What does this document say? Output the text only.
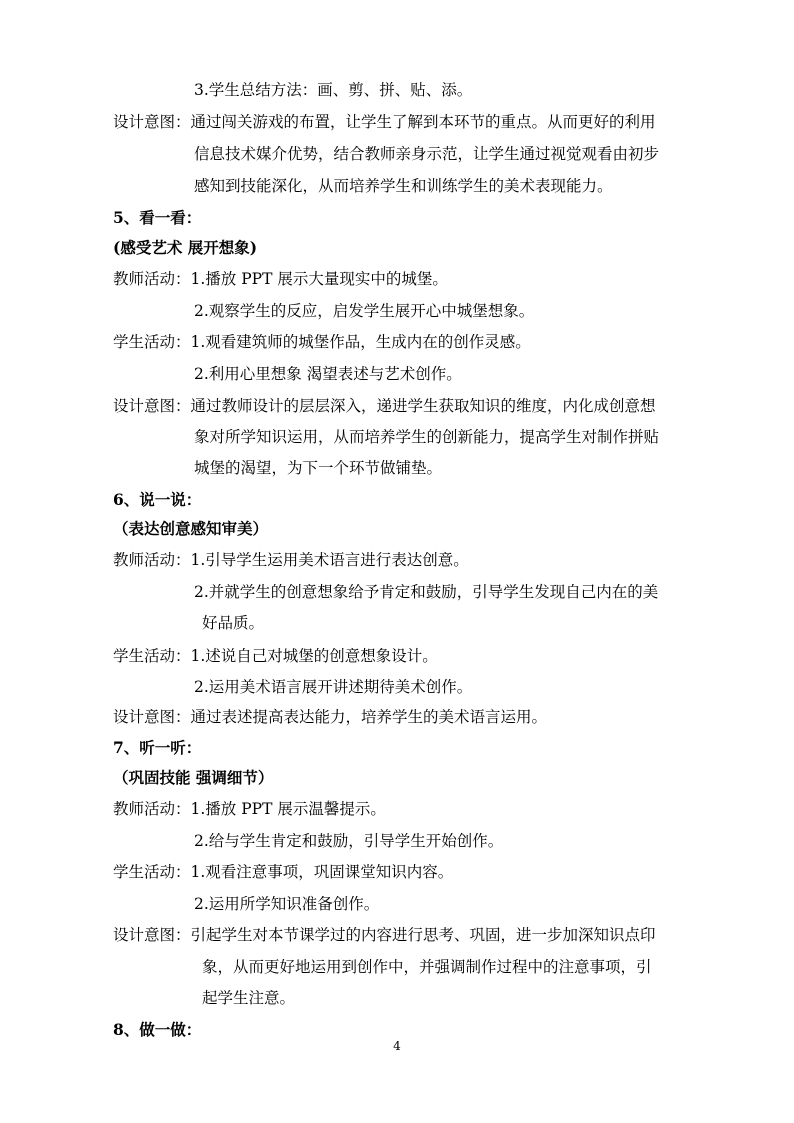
3.学生总结方法：画、剪、拼、贴、添。
设计意图：通过闯关游戏的布置，让学生了解到本环节的重点。从而更好的利用
信息技术媒介优势，结合教师亲身示范，让学生通过视觉观看由初步
感知到技能深化，从而培养学生和训练学生的美术表现能力。
5、看一看：
(感受艺术 展开想象)
教师活动：1.播放 PPT 展示大量现实中的城堡。
2.观察学生的反应，启发学生展开心中城堡想象。
学生活动：1.观看建筑师的城堡作品，生成内在的创作灵感。
2.利用心里想象 渴望表述与艺术创作。
设计意图：通过教师设计的层层深入，递进学生获取知识的维度，内化成创意想
象对所学知识运用，从而培养学生的创新能力，提高学生对制作拼贴
城堡的渴望，为下一个环节做铺垫。
6、说一说：
（表达创意感知审美）
教师活动：1.引导学生运用美术语言进行表达创意。
2.并就学生的创意想象给予肯定和鼓励，引导学生发现自己内在的美
好品质。
学生活动：1.述说自己对城堡的创意想象设计。
2.运用美术语言展开讲述期待美术创作。
设计意图：通过表述提高表达能力，培养学生的美术语言运用。
7、听一听：
（巩固技能 强调细节）
教师活动：1.播放 PPT 展示温馨提示。
2.给与学生肯定和鼓励，引导学生开始创作。
学生活动：1.观看注意事项，巩固课堂知识内容。
2.运用所学知识准备创作。
设计意图：引起学生对本节课学过的内容进行思考、巩固，进一步加深知识点印
象，从而更好地运用到创作中，并强调制作过程中的注意事项，引
起学生注意。
8、做一做：
4
